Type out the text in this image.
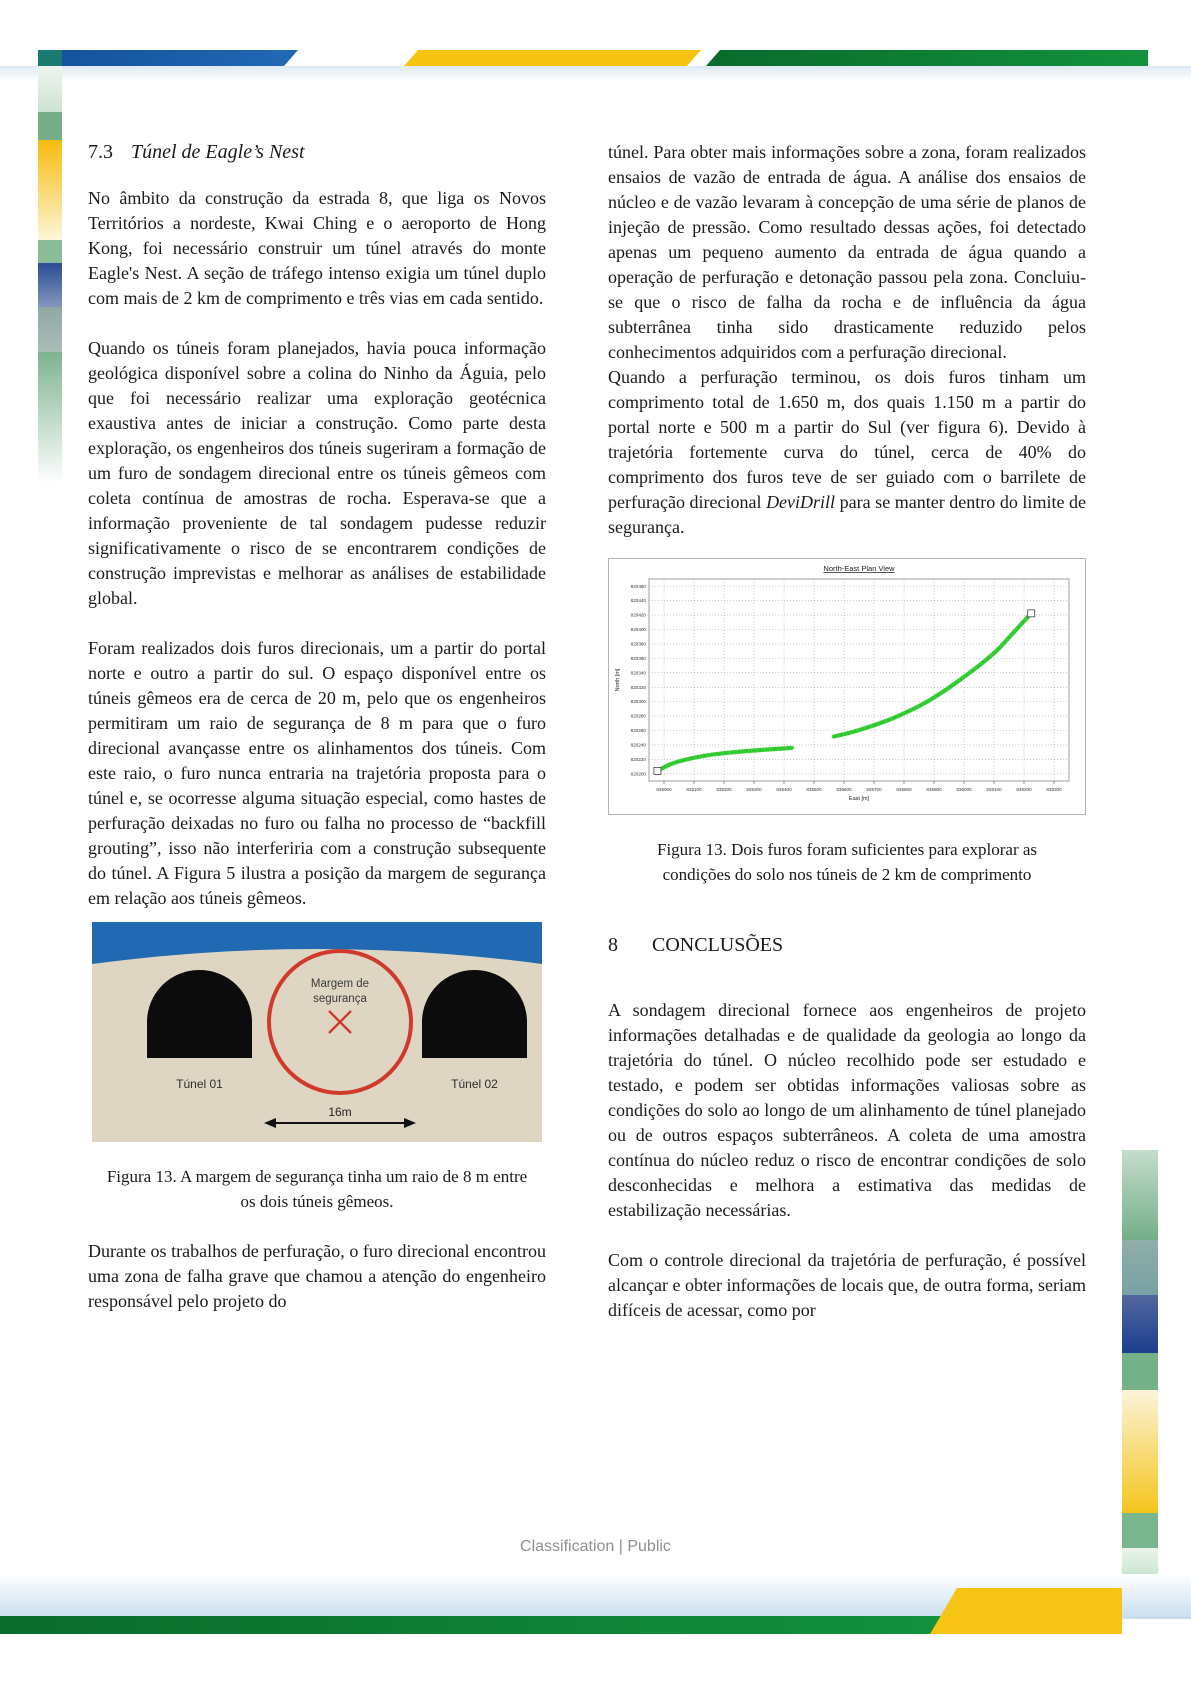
7.3 Túnel de Eagle’s Nest

No âmbito da construção da estrada 8, que liga os Novos Territórios a nordeste, Kwai Ching e o aeroporto de Hong Kong, foi necessário construir um túnel através do monte Eagle's Nest. A seção de tráfego intenso exigia um túnel duplo com mais de 2 km de comprimento e três vias em cada sentido.

Quando os túneis foram planejados, havia pouca informação geológica disponível sobre a colina do Ninho da Águia, pelo que foi necessário realizar uma exploração geotécnica exaustiva antes de iniciar a construção. Como parte desta exploração, os engenheiros dos túneis sugeriram a formação de um furo de sondagem direcional entre os túneis gêmeos com coleta contínua de amostras de rocha. Esperava-se que a informação proveniente de tal sondagem pudesse reduzir significativamente o risco de se encontrarem condições de construção imprevistas e melhorar as análises de estabilidade global.

Foram realizados dois furos direcionais, um a partir do portal norte e outro a partir do sul. O espaço disponível entre os túneis gêmeos era de cerca de 20 m, pelo que os engenheiros permitiram um raio de segurança de 8 m para que o furo direcional avançasse entre os alinhamentos dos túneis. Com este raio, o furo nunca entraria na trajetória proposta para o túnel e, se ocorresse alguma situação especial, como hastes de perfuração deixadas no furo ou falha no processo de “backfill grouting”, isso não interferiria com a construção subsequente do túnel. A Figura 5 ilustra a posição da margem de segurança em relação aos túneis gêmeos.

Túnel 01	Túnel 02
Margem de
segurança
16m
Figura 13. A margem de segurança tinha um raio de 8 m entre os dois túneis gêmeos.

Durante os trabalhos de perfuração, o furo direcional encontrou uma zona de falha grave que chamou a atenção do engenheiro responsável pelo projeto do

túnel. Para obter mais informações sobre a zona, foram realizados ensaios de vazão de entrada de água. A análise dos ensaios de núcleo e de vazão levaram à concepção de uma série de planos de injeção de pressão. Como resultado dessas ações, foi detectado apenas um pequeno aumento da entrada de água quando a operação de perfuração e detonação passou pela zona. Concluiu-se que o risco de falha da rocha e de influência da água subterrânea tinha sido drasticamente reduzido pelos conhecimentos adquiridos com a perfuração direcional.

Quando a perfuração terminou, os dois furos tinham um comprimento total de 1.650 m, dos quais 1.150 m a partir do portal norte e 500 m a partir do Sul (ver figura 6). Devido à trajetória fortemente curva do túnel, cerca de 40% do comprimento dos furos teve de ser guiado com o barrilete de perfuração direcional DeviDrill para se manter dentro do limite de segurança.

North-East Plan View
835000	835100	835200	835300	835400	835500	835600	835700	835800	835900	836000	836100	836200	836300
820460
820440
820420
820400
820380
820360
820340
820320
820300
820280
820260
820240
820220
820200
East [m]
North [m]
Figura 13. Dois furos foram suficientes para explorar as condições do solo nos túneis de 2 km de comprimento
8 CONCLUSÕES

A sondagem direcional fornece aos engenheiros de projeto informações detalhadas e de qualidade da geologia ao longo da trajetória do túnel. O núcleo recolhido pode ser estudado e testado, e podem ser obtidas informações valiosas sobre as condições do solo ao longo de um alinhamento de túnel planejado ou de outros espaços subterrâneos. A coleta de uma amostra contínua do núcleo reduz o risco de encontrar condições de solo desconhecidas e melhora a estimativa das medidas de estabilização necessárias.

Com o controle direcional da trajetória de perfuração, é possível alcançar e obter informações de locais que, de outra forma, seriam difíceis de acessar, como por

Classification | Public
